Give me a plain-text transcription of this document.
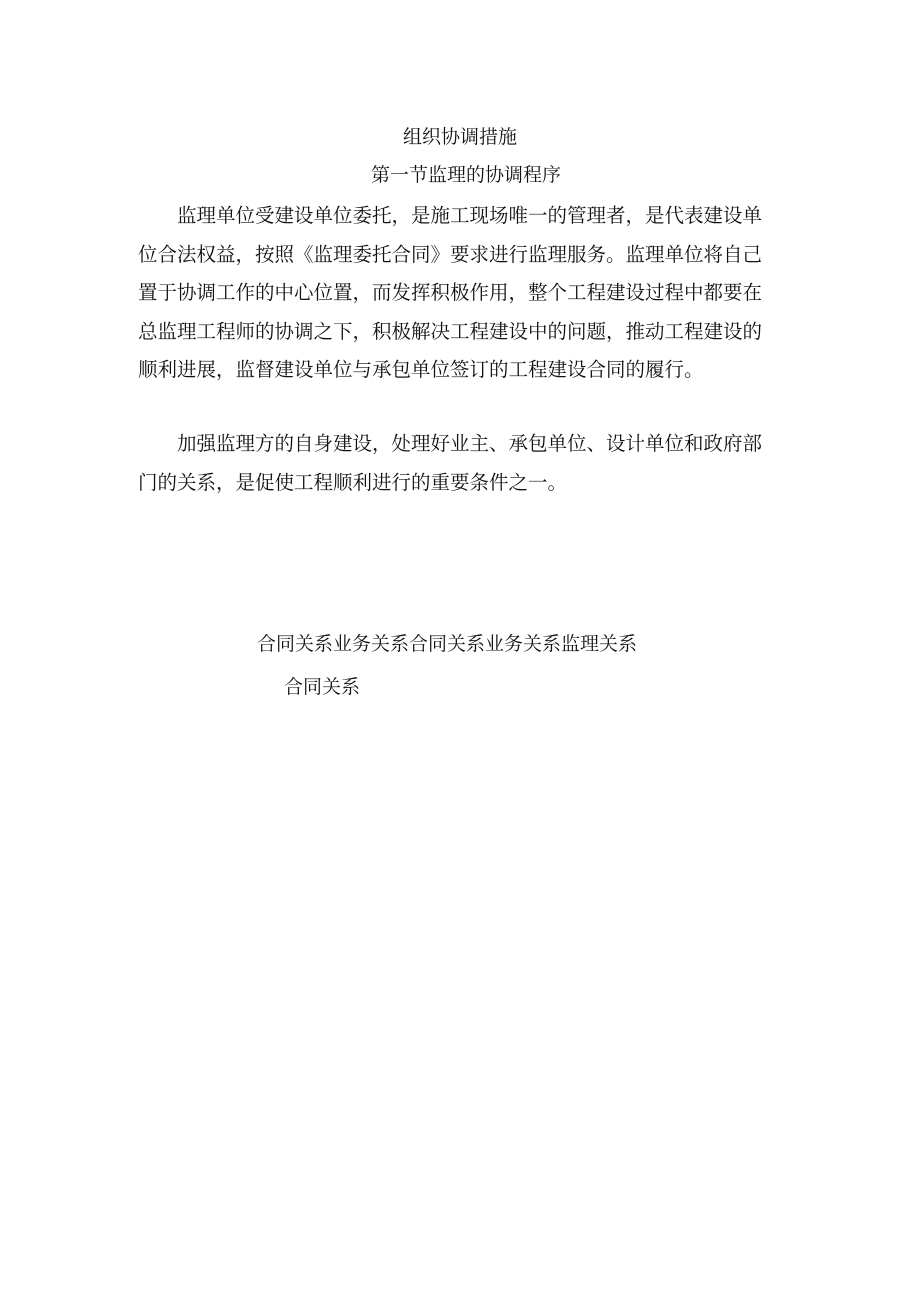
组织协调措施
第一节监理的协调程序

监理单位受建设单位委托，是施工现场唯一的管理者，是代表建设单位合法权益，按照《监理委托合同》要求进行监理服务。监理单位将自己置于协调工作的中心位置，而发挥积极作用，整个工程建设过程中都要在总监理工程师的协调之下，积极解决工程建设中的问题，推动工程建设的顺利进展，监督建设单位与承包单位签订的工程建设合同的履行。

加强监理方的自身建设，处理好业主、承包单位、设计单位和政府部门的关系，是促使工程顺利进行的重要条件之一。

合同关系业务关系合同关系业务关系监理关系
合同关系
